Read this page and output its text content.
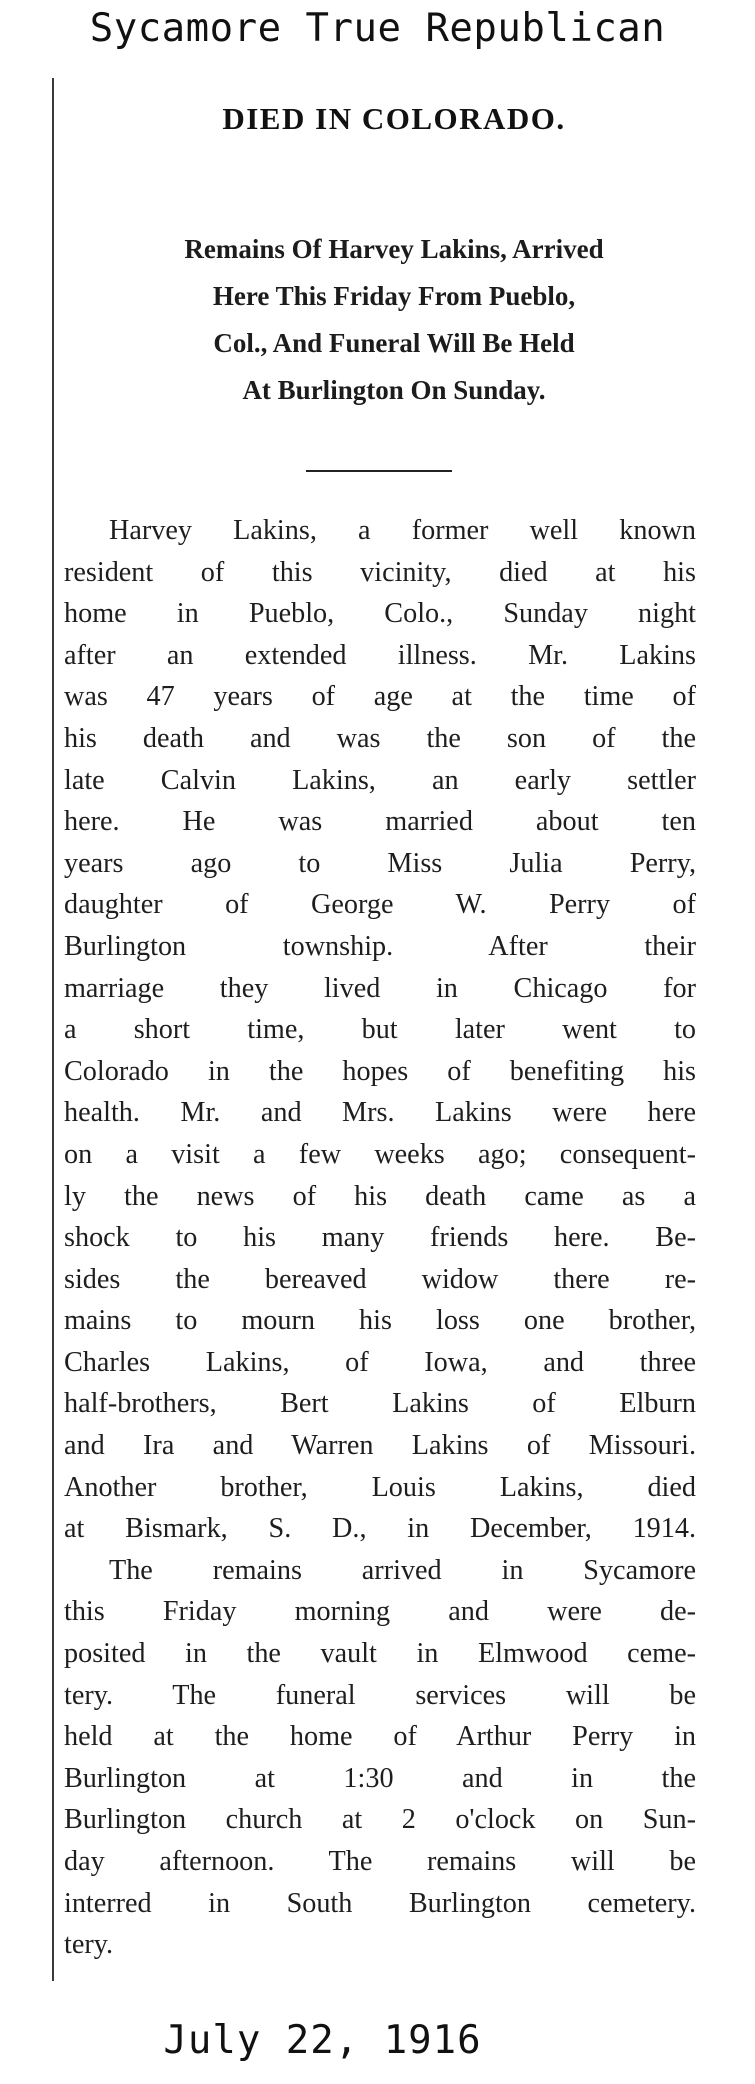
Sycamore True Republican
DIED IN COLORADO.
Remains Of Harvey Lakins, Arrived
Here This Friday From Pueblo,
Col., And Funeral Will Be Held
At Burlington On Sunday.
Harvey Lakins, a former well known
resident of this vicinity, died at his
home in Pueblo, Colo., Sunday night
after an extended illness. Mr. Lakins
was 47 years of age at the time of
his death and was the son of the
late Calvin Lakins, an early settler
here. He was married about ten
years ago to Miss Julia Perry,
daughter of George W. Perry of
Burlington township. After their
marriage they lived in Chicago for
a short time, but later went to
Colorado in the hopes of benefiting his
health. Mr. and Mrs. Lakins were here
on a visit a few weeks ago; consequent-
ly the news of his death came as a
shock to his many friends here. Be-
sides the bereaved widow there re-
mains to mourn his loss one brother,
Charles Lakins, of Iowa, and three
half-brothers, Bert Lakins of Elburn
and Ira and Warren Lakins of Missouri.
Another brother, Louis Lakins, died
at Bismark, S. D., in December, 1914.
The remains arrived in Sycamore
this Friday morning and were de-
posited in the vault in Elmwood ceme-
tery. The funeral services will be
held at the home of Arthur Perry in
Burlington at 1:30 and in the
Burlington church at 2 o'clock on Sun-
day afternoon. The remains will be
interred in South Burlington cemetery.
tery.
July 22, 1916
